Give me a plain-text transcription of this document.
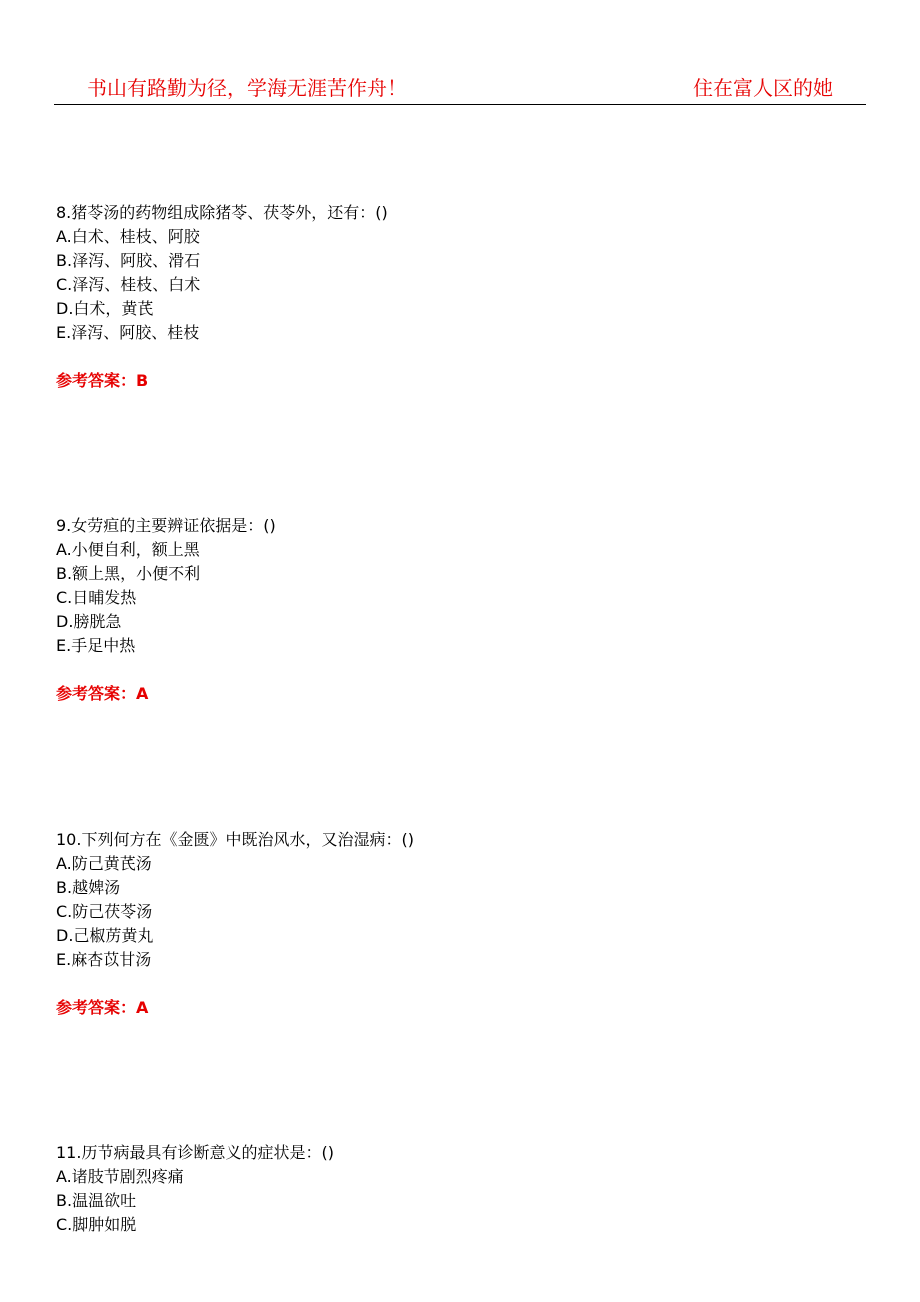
书山有路勤为径，学海无涯苦作舟！	住在富人区的她
8.猪苓汤的药物组成除猪苓、茯苓外，还有：()
A.白术、桂枝、阿胶
B.泽泻、阿胶、滑石
C.泽泻、桂枝、白术
D.白术，黄芪
E.泽泻、阿胶、桂枝
参考答案：B
9.女劳疸的主要辨证依据是：()
A.小便自利，额上黑
B.额上黑，小便不利
C.日晡发热
D.膀胱急
E.手足中热
参考答案：A
10.下列何方在《金匮》中既治风水，又治湿病：()
A.防己黄芪汤
B.越婢汤
C.防己茯苓汤
D.己椒苈黄丸
E.麻杏苡甘汤
参考答案：A
11.历节病最具有诊断意义的症状是：()
A.诸肢节剧烈疼痛
B.温温欲吐
C.脚肿如脱
